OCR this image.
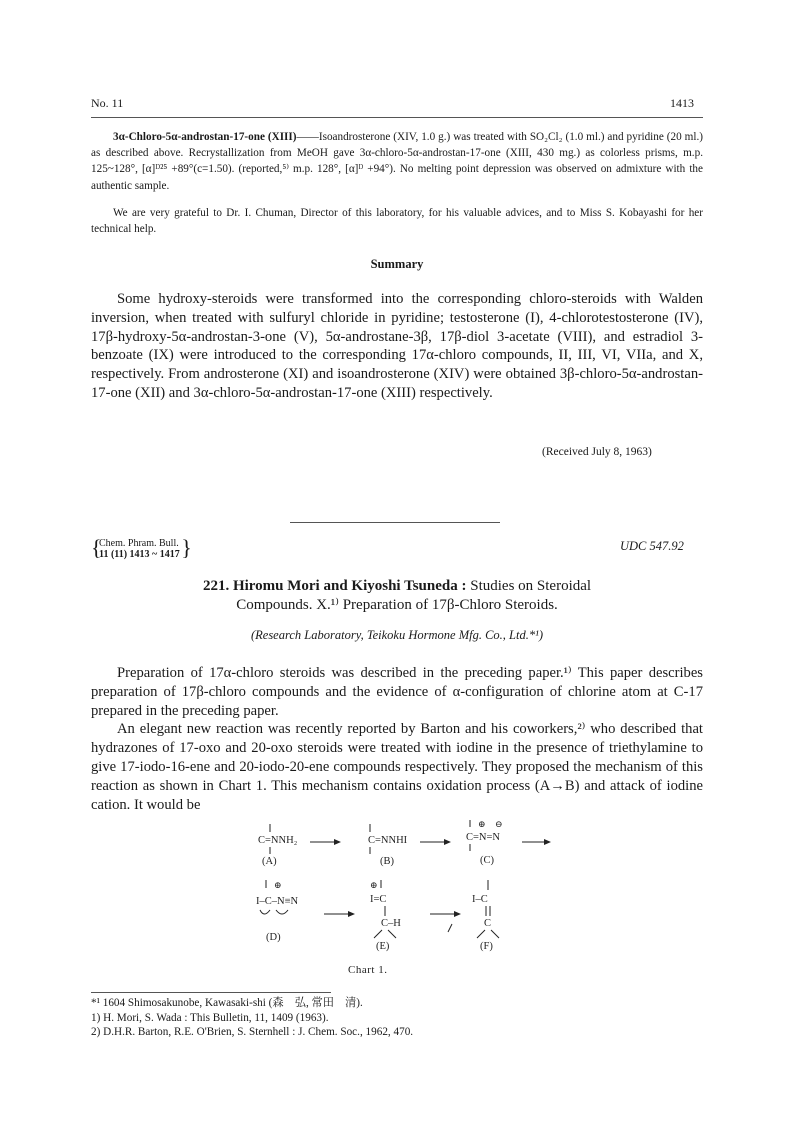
No. 11	1413

3α-Chloro-5α-androstan-17-one (XIII)——Isoandrosterone (XIV, 1.0 g.) was treated with SO₂Cl₂ (1.0 ml.) and pyridine (20 ml.) as described above. Recrystallization from MeOH gave 3α-chloro-5α-androstan-17-one (XIII, 430 mg.) as colorless prisms, m.p. 125~128°, [α]ᴰ²⁵ +89°(c=1.50). (reported,⁵⁾ m.p. 128°, [α]ᴰ +94°). No melting point depression was observed on admixture with the authentic sample.

We are very grateful to Dr. I. Chuman, Director of this laboratory, for his valuable advices, and to Miss S. Kobayashi for her technical help.

Summary

Some hydroxy-steroids were transformed into the corresponding chloro-steroids with Walden inversion, when treated with sulfuryl chloride in pyridine; testosterone (I), 4-chlorotestosterone (IV), 17β-hydroxy-5α-androstan-3-one (V), 5α-androstane-3β, 17β-diol 3-acetate (VIII), and estradiol 3-benzoate (IX) were introduced to the corresponding 17α-chloro compounds, II, III, VI, VIIa, and X, respectively. From androsterone (XI) and isoandrosterone (XIV) were obtained 3β-chloro-5α-androstan-17-one (XII) and 3α-chloro-5α-androstan-17-one (XIII) respectively.

(Received July 8, 1963)
{
Chem. Phram. Bull.
11 (11) 1413 ~ 1417 }	UDC 547.92
221. Hiromu Mori and Kiyoshi Tsuneda : Studies on Steroidal
Compounds. X.¹⁾ Preparation of 17β-Chloro Steroids.
(Research Laboratory, Teikoku Hormone Mfg. Co., Ltd.*¹)

Preparation of 17α-chloro steroids was described in the preceding paper.¹⁾ This paper describes preparation of 17β-chloro compounds and the evidence of α-configuration of chlorine atom at C-17 prepared in the preceding paper.

An elegant new reaction was recently reported by Barton and his coworkers,²⁾ who described that hydrazones of 17-oxo and 20-oxo steroids were treated with iodine in the presence of triethylamine to give 17-iodo-16-ene and 20-iodo-20-ene compounds respectively. They proposed the mechanism of this reaction as shown in Chart 1. This mechanism contains oxidation process (A→B) and attack of iodine cation. It would be

C=NNH₂
(A)
C=NNHI
(B)
⊕ ⊖
C=N=N
(C)
⊕
I–C–N≡N
(D)
⊕
I=C
C–H
(E)
I–C
C
(F)
Chart 1.
*¹ 1604 Shimosakunobe, Kawasaki-shi (森　弘, 常田　清).
1) H. Mori, S. Wada : This Bulletin, 11, 1409 (1963).
2) D.H.R. Barton, R.E. O'Brien, S. Sternhell : J. Chem. Soc., 1962, 470.
